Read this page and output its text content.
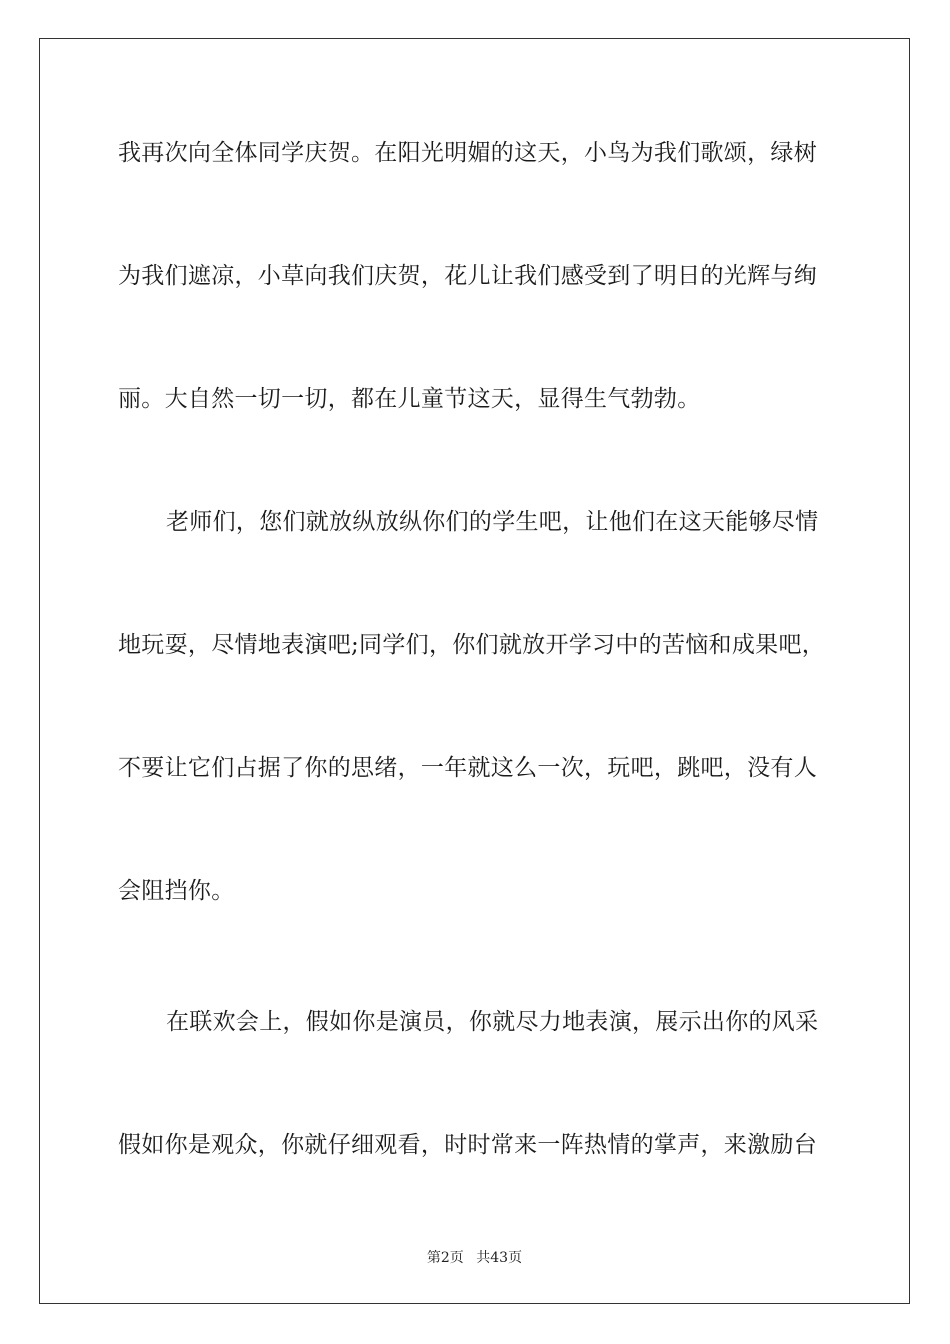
我再次向全体同学庆贺。在阳光明媚的这天，小鸟为我们歌颂，绿树
为我们遮凉，小草向我们庆贺，花儿让我们感受到了明日的光辉与绚
丽。大自然一切一切，都在儿童节这天，显得生气勃勃。
老师们，您们就放纵放纵你们的学生吧，让他们在这天能够尽情
地玩耍，尽情地表演吧;同学们，你们就放开学习中的苦恼和成果吧，
不要让它们占据了你的思绪，一年就这么一次，玩吧，跳吧，没有人
会阻挡你。
在联欢会上，假如你是演员，你就尽力地表演，展示出你的风采
假如你是观众，你就仔细观看，时时常来一阵热情的掌声，来激励台
第2页 共43页
